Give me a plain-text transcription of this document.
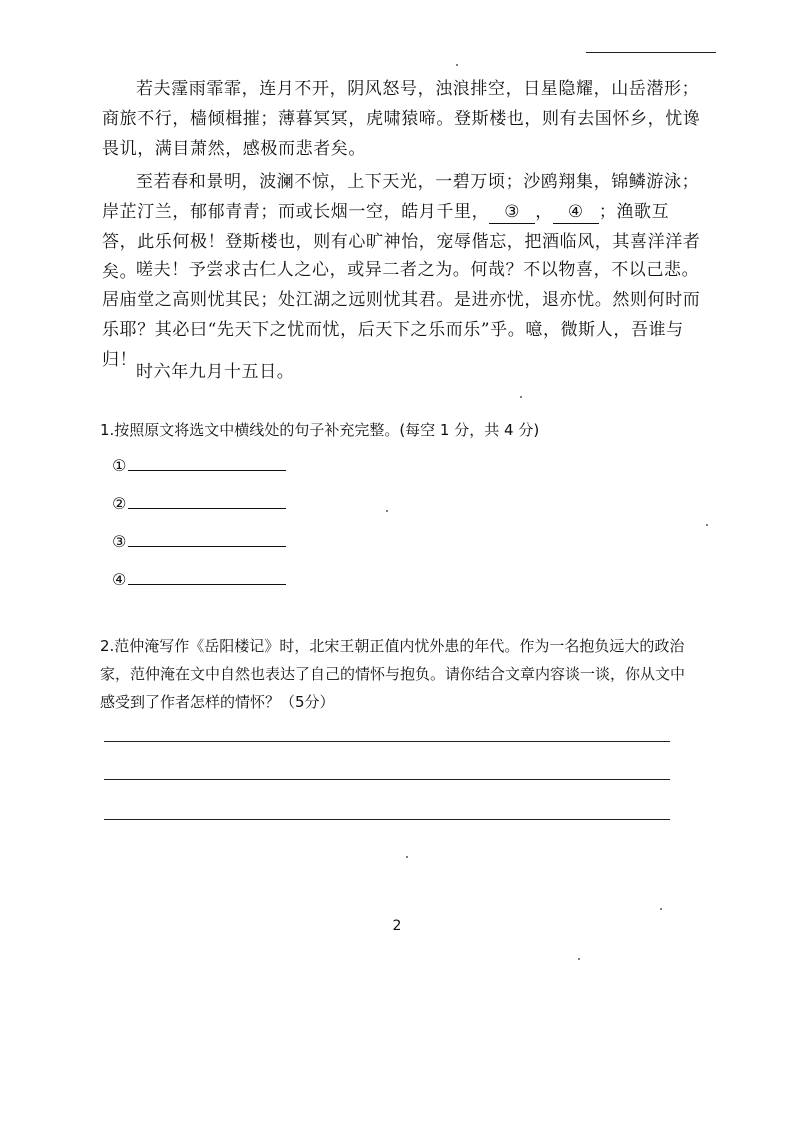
若夫霪雨霏霏，连月不开，阴风怒号，浊浪排空，日星隐耀，山岳潜形；商旅不行，樯倾楫摧；薄暮冥冥，虎啸猿啼。登斯楼也，则有去国怀乡，忧谗畏讥，满目萧然，感极而悲者矣。
至若春和景明，波澜不惊，上下天光，一碧万顷；沙鸥翔集，锦鳞游泳；岸芷汀兰，郁郁青青；而或长烟一空，皓月千里， ③ ， ④ ；渔歌互答，此乐何极！登斯楼也，则有心旷神怡，宠辱偕忘，把酒临风，其喜洋洋者矣。
嗟夫！予尝求古仁人之心，或异二者之为。何哉？不以物喜，不以己悲。居庙堂之高则忧其民；处江湖之远则忧其君。是进亦忧，退亦忧。然则何时而乐耶？其必曰“先天下之忧而忧，后天下之乐而乐”乎。噫，微斯人，吾谁与归！
时六年九月十五日。
1.按照原文将选文中横线处的句子补充完整。(每空 1 分，共 4 分)
①
②
③
④
2.范仲淹写作《岳阳楼记》时，北宋王朝正值内忧外患的年代。作为一名抱负远大的政治家，范仲淹在文中自然也表达了自己的情怀与抱负。请你结合文章内容谈一谈，你从文中感受到了作者怎样的情怀？（5分）
2
